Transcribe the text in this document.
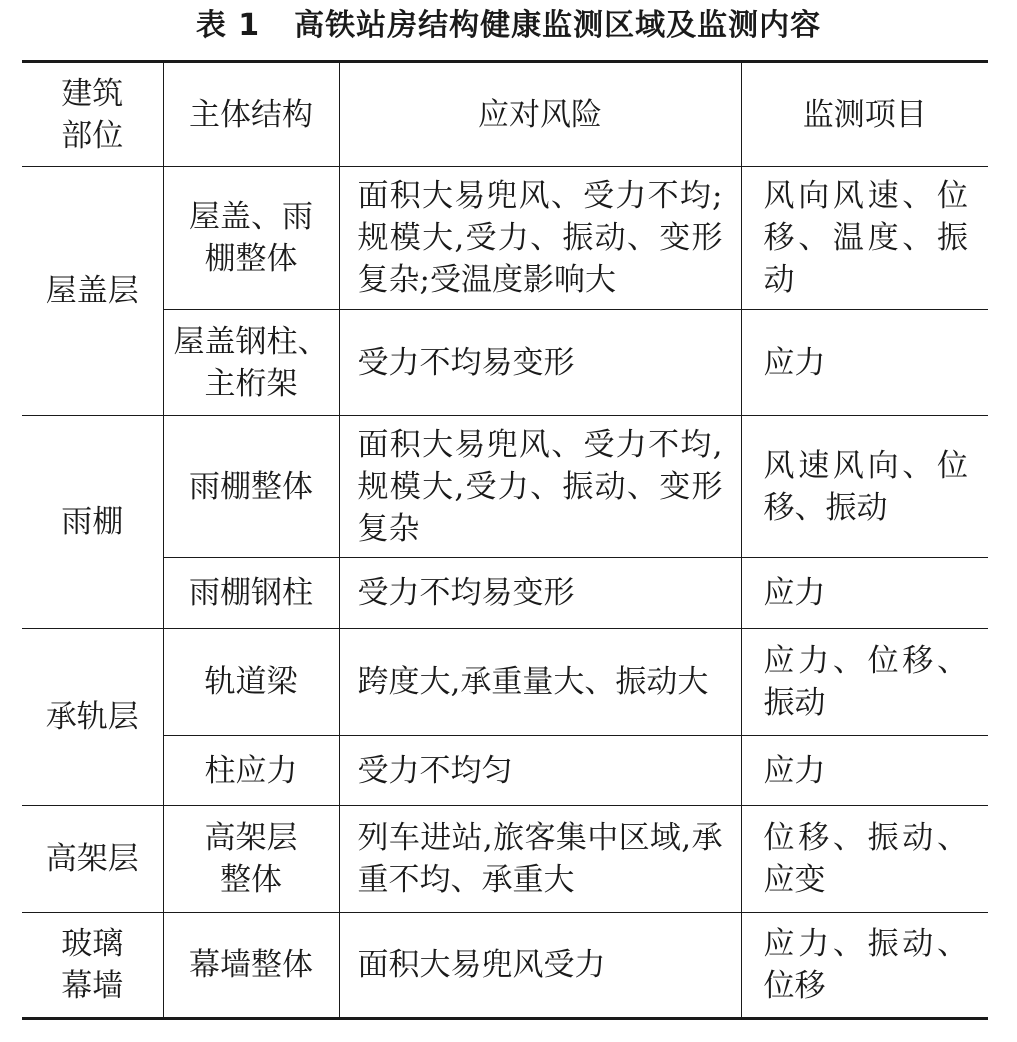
表 1 高铁站房结构健康监测区域及监测内容
建筑部位	主体结构	应对风险	监测项目
屋盖层	屋盖、雨棚整体	面积大易兜风、受力不均;规模大,受力、振动、变形复杂;受温度影响大	风向风速、位移、温度、振动
	屋盖钢柱、主桁架	受力不均易变形	应力
雨棚	雨棚整体	面积大易兜风、受力不均,规模大,受力、振动、变形复杂	风速风向、位移、振动
	雨棚钢柱	受力不均易变形	应力
承轨层	轨道梁	跨度大,承重量大、振动大	应力、位移、振动
	柱应力	受力不均匀	应力
高架层	高架层整体	列车进站,旅客集中区域,承重不均、承重大	位移、振动、应变
玻璃幕墙	幕墙整体	面积大易兜风受力	应力、振动、位移
